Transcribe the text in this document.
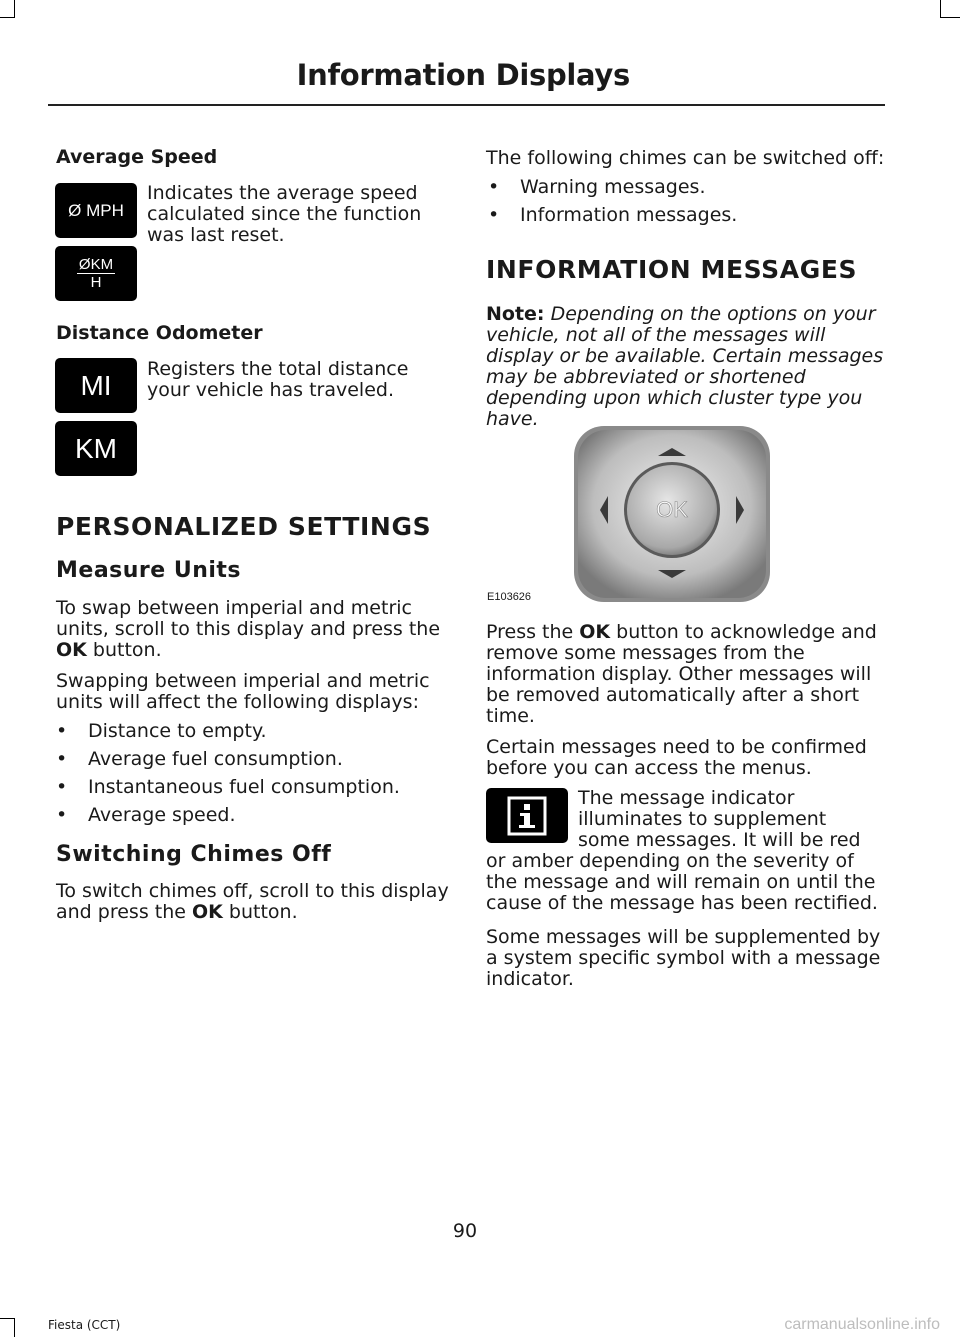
Information Displays
Average Speed
Ø MPH
ØKM
H

Indicates the average speed calculated since the function was last reset.

Distance Odometer
MI
KM

Registers the total distance your vehicle has traveled.

PERSONALIZED SETTINGS
Measure Units

To swap between imperial and metric units, scroll to this display and press the OK button.

Swapping between imperial and metric units will affect the following displays:

• Distance to empty.
• Average fuel consumption.
• Instantaneous fuel consumption.
• Average speed.
Switching Chimes Off

To switch chimes off, scroll to this display and press the OK button.

The following chimes can be switched off:

• Warning messages.
• Information messages.
INFORMATION MESSAGES

Note: Depending on the options on your vehicle, not all of the messages will display or be available. Certain messages may be abbreviated or shortened depending upon which cluster type you have.

OK
E103626

Press the OK button to acknowledge and remove some messages from the information display. Other messages will be removed automatically after a short time.

Certain messages need to be confirmed before you can access the menus.

The message indicator illuminates to supplement some messages. It will be red or amber depending on the severity of the message and will remain on until the cause of the message has been rectified.

Some messages will be supplemented by a system specific symbol with a message indicator.

90
Fiesta (CCT)	carmanualsonline.info
